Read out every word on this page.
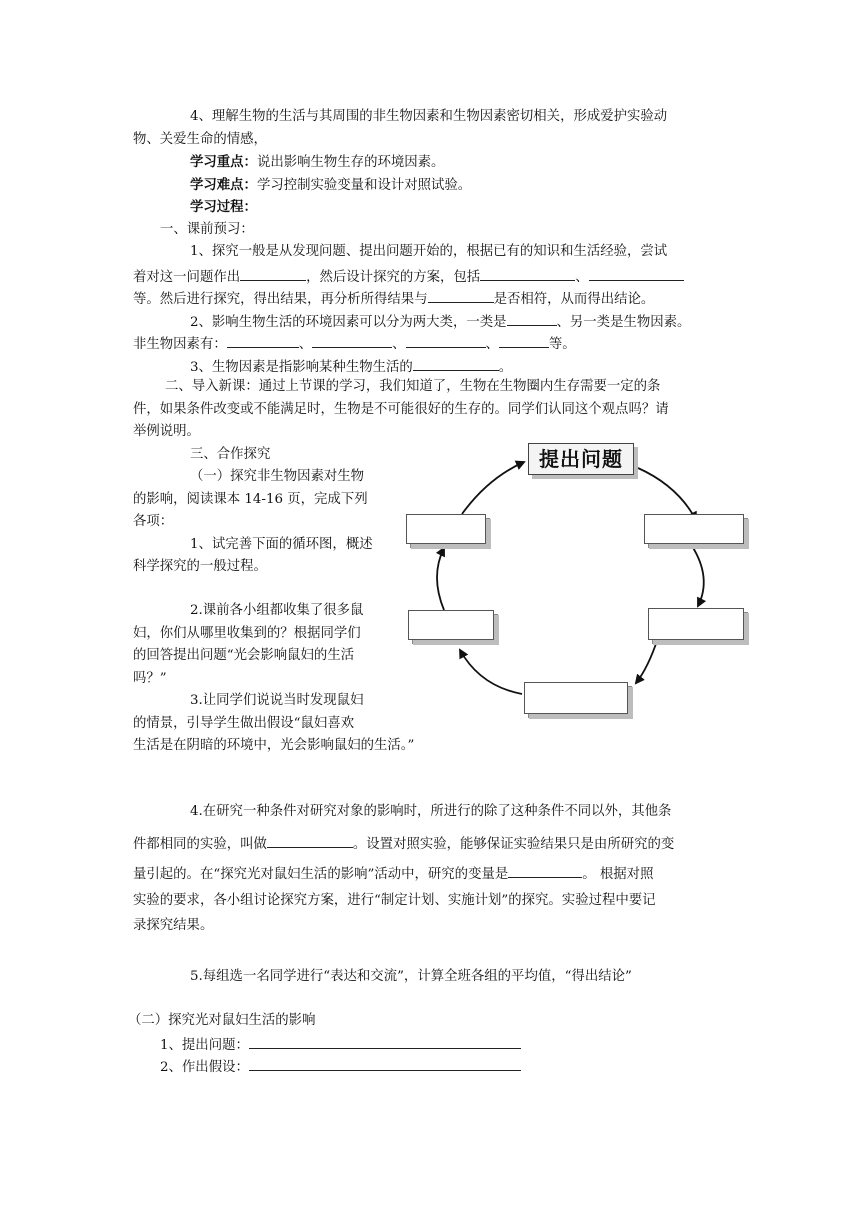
4、理解生物的生活与其周围的非生物因素和生物因素密切相关，形成爱护实验动
物、关爱生命的情感，
学习重点：说出影响生物生存的环境因素。
学习难点：学习控制实验变量和设计对照试验。
学习过程：
一、课前预习：
1、探究一般是从发现问题、提出问题开始的，根据已有的知识和生活经验，尝试
着对这一问题作出	，然后设计探究的方案，包括	、
等。然后进行探究，得出结果，再分析所得结果与	是否相符，从而得出结论。
2、影响生物生活的环境因素可以分为两大类，一类是	、另一类是生物因素。
非生物因素有：	、	、	、	等。
3、生物因素是指影响某种生物生活的	。
二、导入新课：通过上节课的学习，我们知道了，生物在生物圈内生存需要一定的条
件，如果条件改变或不能满足时，生物是不可能很好的生存的。同学们认同这个观点吗？请
举例说明。
三、合作探究
（一）探究非生物因素对生物
的影响，阅读课本 14-16 页，完成下列
各项：
1、试完善下面的循环图，概述
科学探究的一般过程。
2.课前各小组都收集了很多鼠
妇，你们从哪里收集到的？根据同学们
的回答提出问题“光会影响鼠妇的生活
吗？”
3.让同学们说说当时发现鼠妇
的情景，引导学生做出假设“鼠妇喜欢
生活是在阴暗的环境中，光会影响鼠妇的生活。”
提出问题
4.在研究一种条件对研究对象的影响时，所进行的除了这种条件不同以外，其他条
件都相同的实验，叫做	。设置对照实验，能够保证实验结果只是由所研究的变
量引起的。在“探究光对鼠妇生活的影响”活动中，研究的变量是	。 根据对照
实验的要求，各小组讨论探究方案，进行“制定计划、实施计划”的探究。实验过程中要记
录探究结果。
5.每组选一名同学进行“表达和交流”，计算全班各组的平均值，“得出结论”
（二）探究光对鼠妇生活的影响
1、提出问题：
2、作出假设：
